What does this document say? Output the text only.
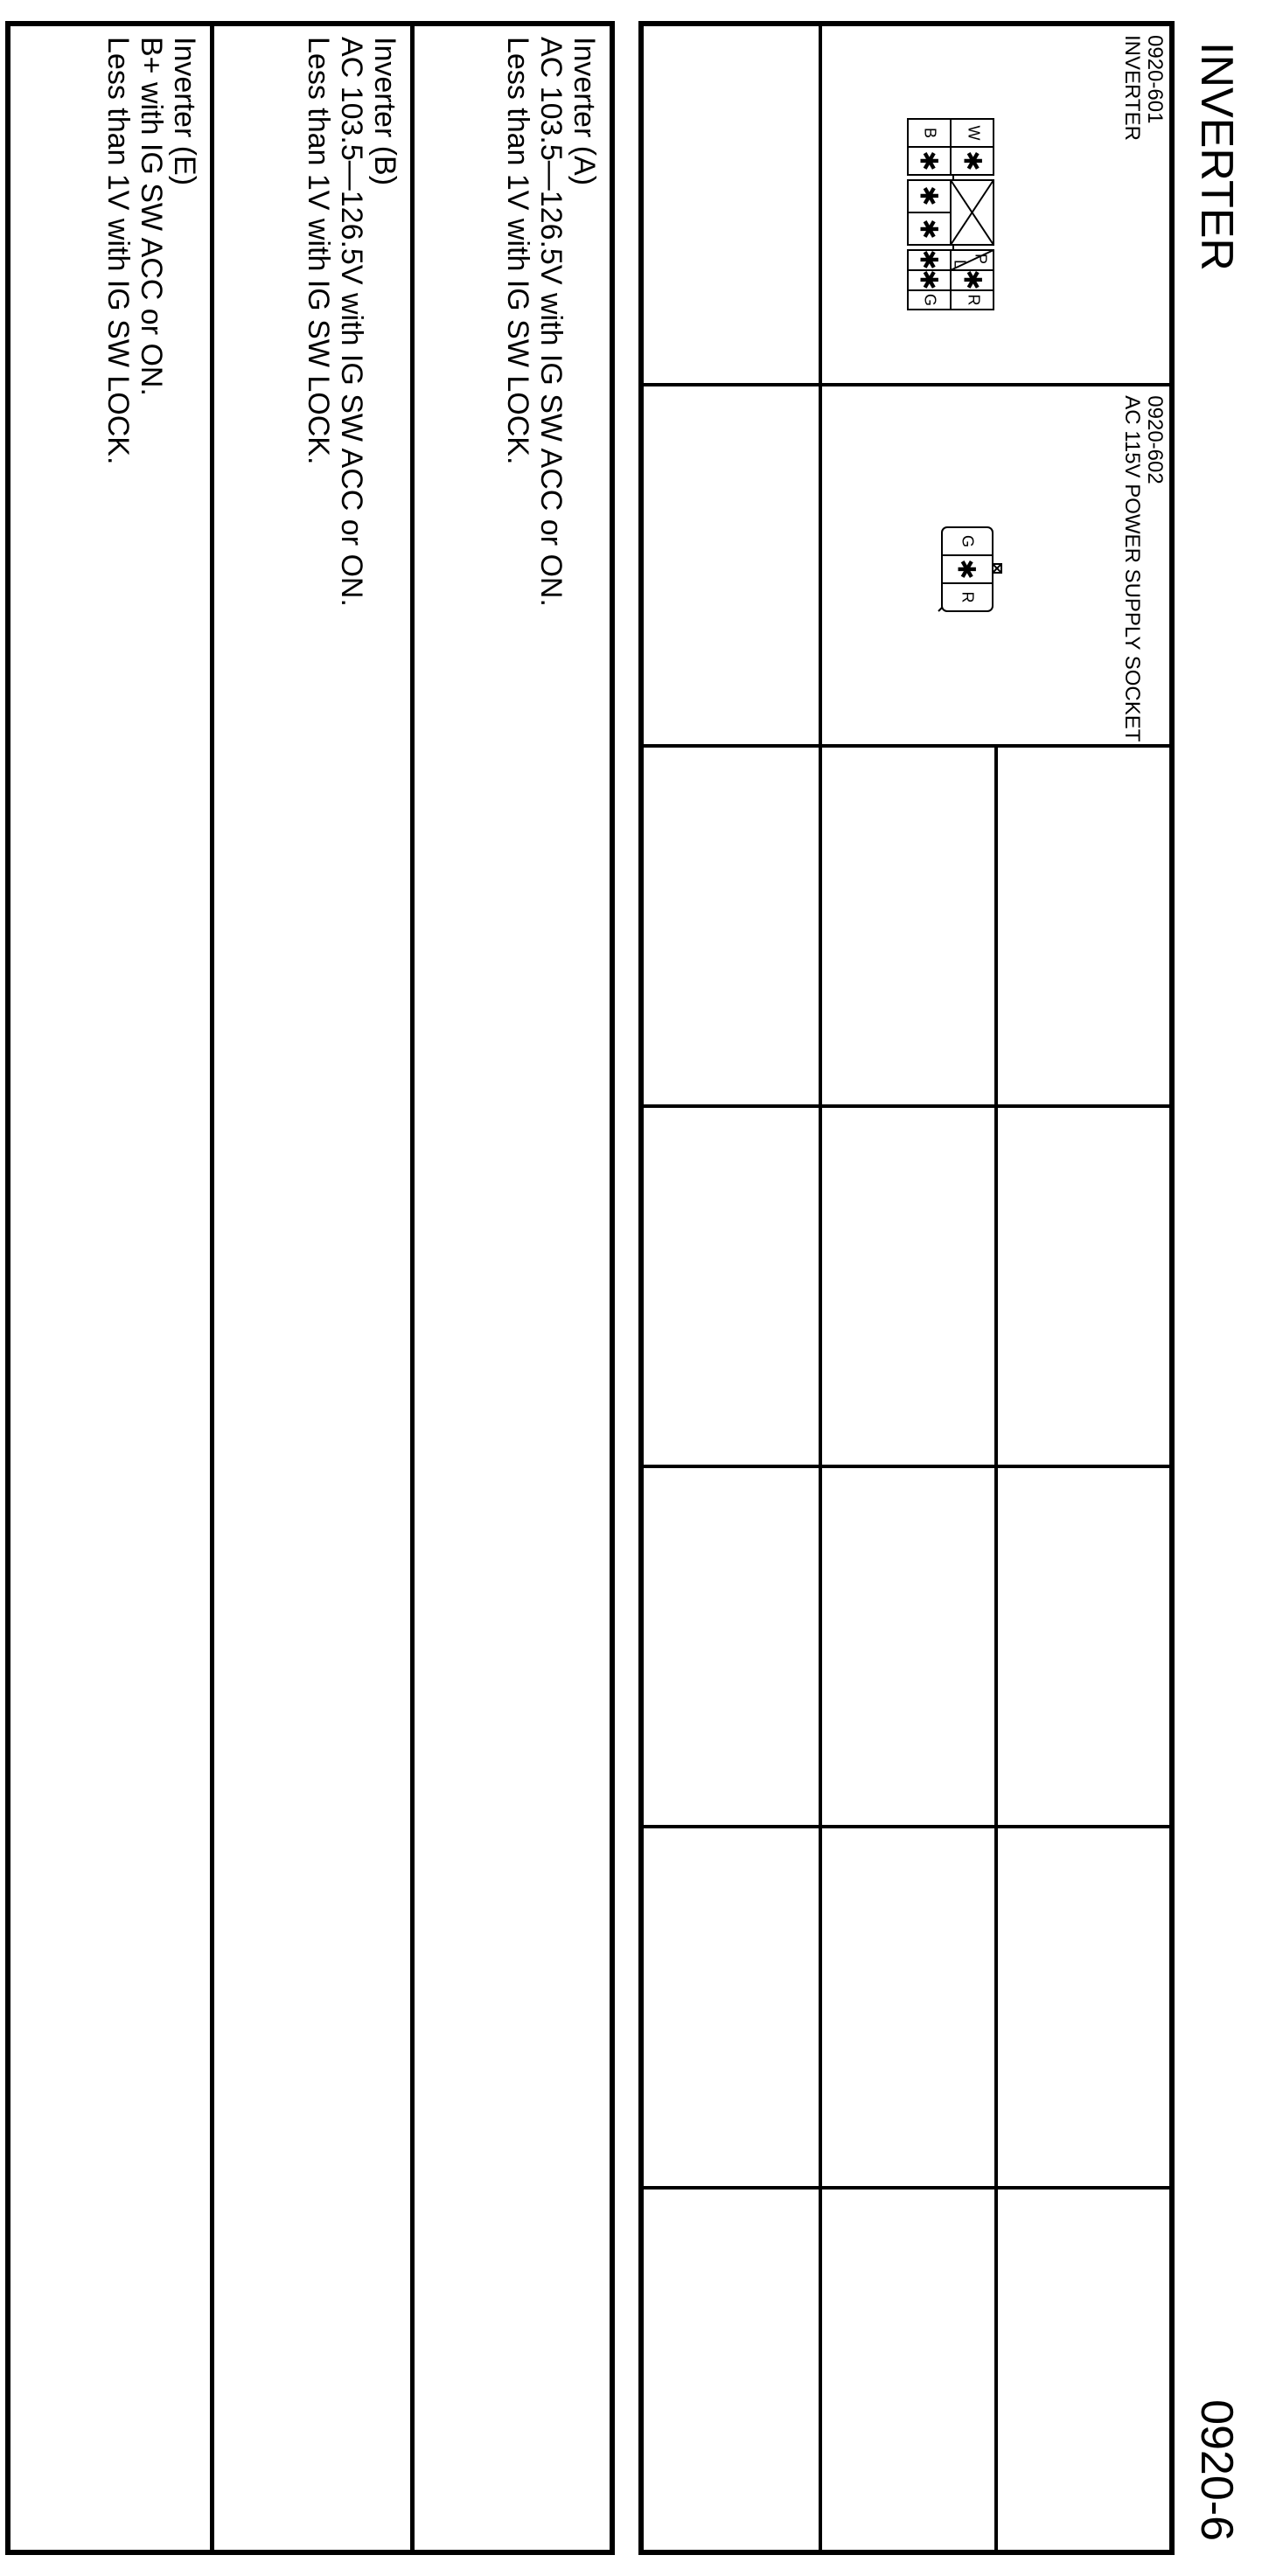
INVERTER
0920-6
0920-601
INVERTER
W
✱
P
L
✱
R
B
✱
✱
✱
✱
✱
G
0920-602
AC 115V POWER SUPPLY SOCKET
G
✱
R
Inverter (A)
AC 103.5—126.5V with IG SW ACC or ON.
Less than 1V with IG SW LOCK.
Inverter (B)
AC 103.5—126.5V with IG SW ACC or ON.
Less than 1V with IG SW LOCK.
Inverter (E)
B+ with IG SW ACC or ON.
Less than 1V with IG SW LOCK.
